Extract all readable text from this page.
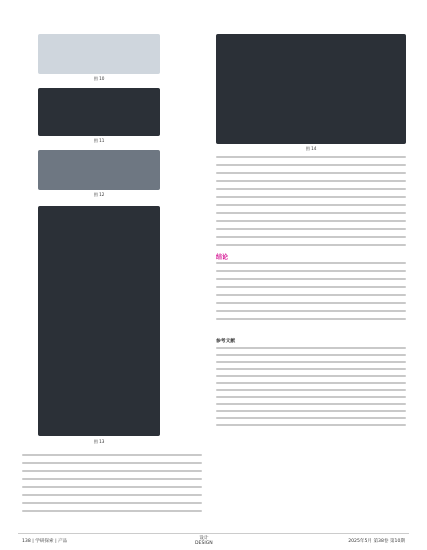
图 10
图 11
图 12
图 13
图 14
结论
参考文献
138 | 学研探索 | 产品
设计
DESIGN	2025年5月 第38卷 第10期
